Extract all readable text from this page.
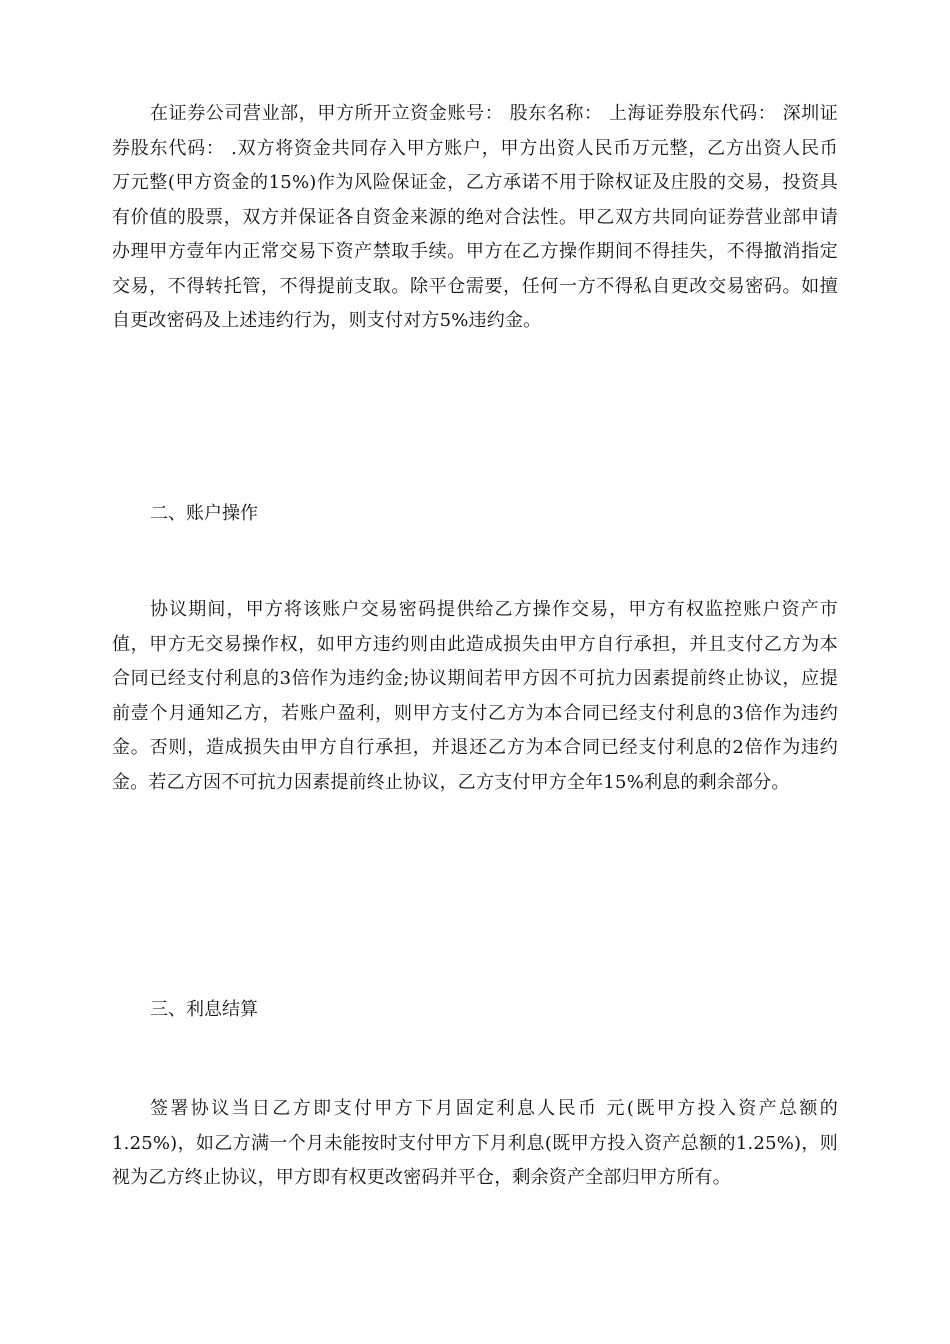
在证券公司营业部，甲方所开立资金账号： 股东名称： 上海证券股东代码： 深圳证券股东代码： .双方将资金共同存入甲方账户，甲方出资人民币万元整，乙方出资人民币 万元整(甲方资金的15%)作为风险保证金，乙方承诺不用于除权证及庄股的交易，投资具有价值的股票，双方并保证各自资金来源的绝对合法性。甲乙双方共同向证券营业部申请办理甲方壹年内正常交易下资产禁取手续。甲方在乙方操作期间不得挂失，不得撤消指定交易，不得转托管，不得提前支取。除平仓需要，任何一方不得私自更改交易密码。如擅自更改密码及上述违约行为，则支付对方5%违约金。

二、账户操作

协议期间，甲方将该账户交易密码提供给乙方操作交易，甲方有权监控账户资产市值，甲方无交易操作权，如甲方违约则由此造成损失由甲方自行承担，并且支付乙方为本合同已经支付利息的3倍作为违约金;协议期间若甲方因不可抗力因素提前终止协议，应提前壹个月通知乙方，若账户盈利，则甲方支付乙方为本合同已经支付利息的3倍作为违约金。否则，造成损失由甲方自行承担，并退还乙方为本合同已经支付利息的2倍作为违约金。若乙方因不可抗力因素提前终止协议，乙方支付甲方全年15%利息的剩余部分。

三、利息结算

签署协议当日乙方即支付甲方下月固定利息人民币 元(既甲方投入资产总额的1.25%)，如乙方满一个月未能按时支付甲方下月利息(既甲方投入资产总额的1.25%)，则视为乙方终止协议，甲方即有权更改密码并平仓，剩余资产全部归甲方所有。
